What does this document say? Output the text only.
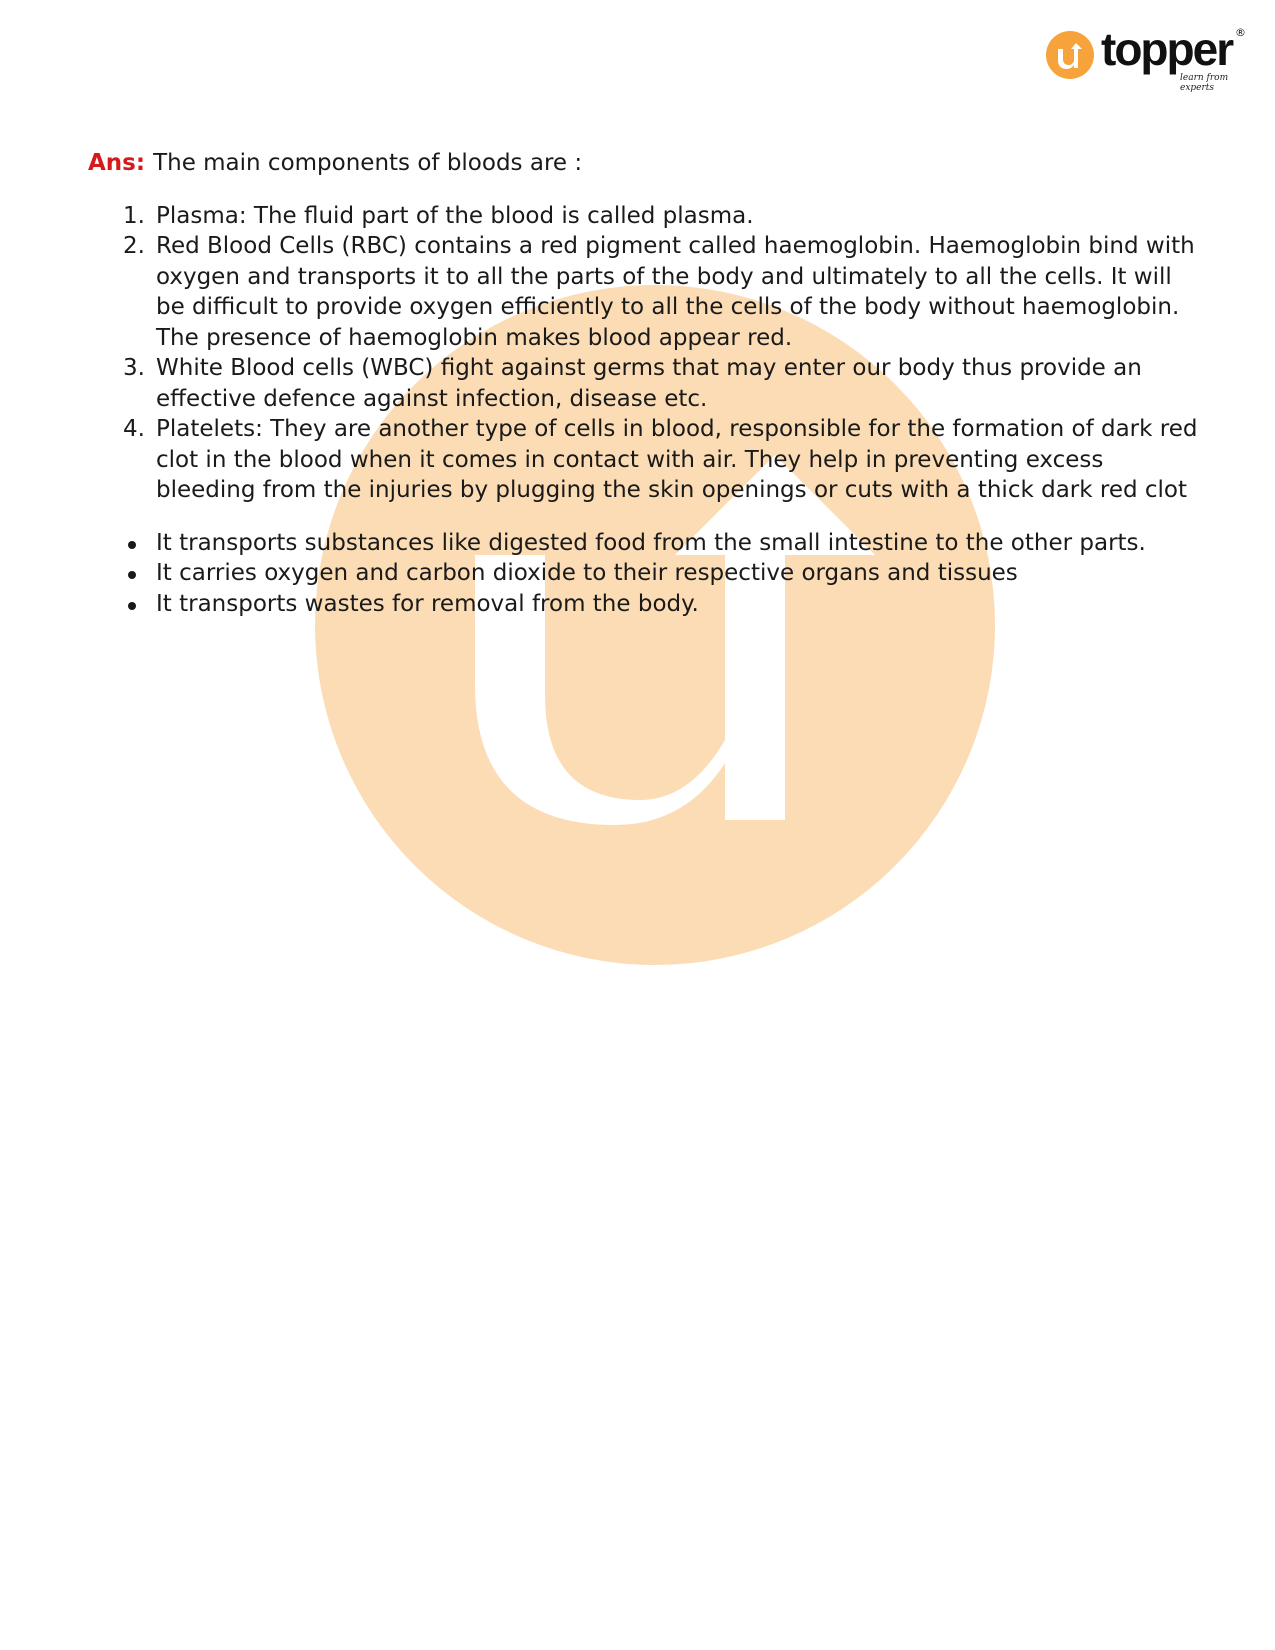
topper ®
learn from experts

Ans: The main components of bloods are :

1. Plasma: The fluid part of the blood is called plasma.
2. Red Blood Cells (RBC) contains a red pigment called haemoglobin. Haemoglobin bind with oxygen and transports it to all the parts of the body and ultimately to all the cells. It will be difficult to provide oxygen efficiently to all the cells of the body without haemoglobin. The presence of haemoglobin makes blood appear red.
3. White Blood cells (WBC) fight against germs that may enter our body thus provide an effective defence against infection, disease etc.
4. Platelets: They are another type of cells in blood, responsible for the formation of dark red clot in the blood when it comes in contact with air. They help in preventing excess bleeding from the injuries by plugging the skin openings or cuts with a thick dark red clot
It transports substances like digested food from the small intestine to the other parts.
It carries oxygen and carbon dioxide to their respective organs and tissues
It transports wastes for removal from the body.
